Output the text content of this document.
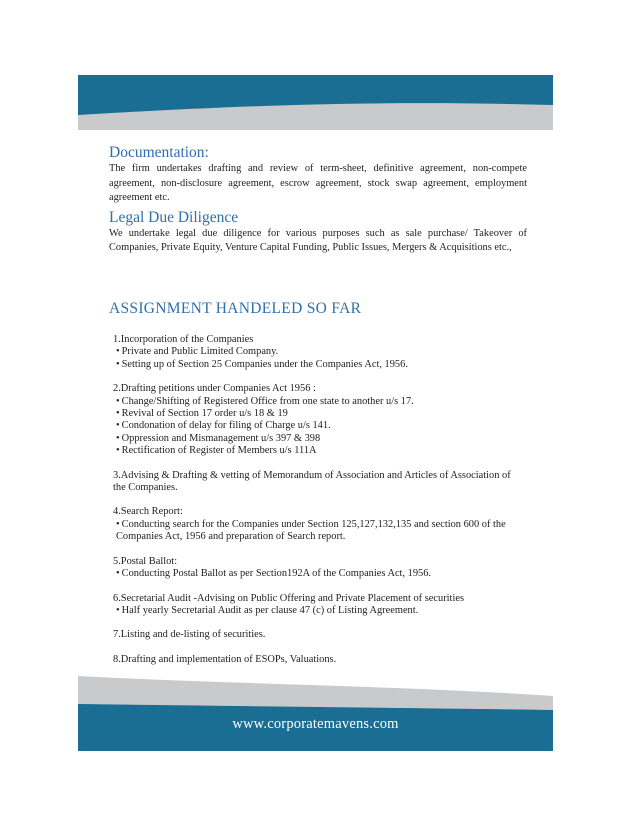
Documentation:

The firm undertakes drafting and review of term-sheet, definitive agreement, non-compete agreement, non-disclosure agreement, escrow agreement, stock swap agreement, employment agreement etc.

Legal Due Diligence

We undertake legal due diligence for various purposes such as sale purchase/ Takeover of Companies, Private Equity, Venture Capital Funding, Public Issues, Mergers & Acquisitions etc.,

ASSIGNMENT HANDELED SO FAR
1.Incorporation of the Companies
• Private and Public Limited Company.
• Setting up of Section 25 Companies under the Companies Act, 1956.
2.Drafting petitions under Companies Act 1956 :
• Change/Shifting of Registered Office from one state to another u/s 17.
• Revival of Section 17 order u/s 18 & 19
• Condonation of delay for filing of Charge u/s 141.
• Oppression and Mismanagement u/s 397 & 398
• Rectification of Register of Members u/s 111A
3.Advising & Drafting & vetting of Memorandum of Association and Articles of Association of the Companies.
4.Search Report:
• Conducting search for the Companies under Section 125,127,132,135 and section 600 of the Companies Act, 1956 and preparation of Search report.
5.Postal Ballot:
• Conducting Postal Ballot as per Section192A of the Companies Act, 1956.
6.Secretarial Audit -Advising on Public Offering and Private Placement of securities
• Half yearly Secretarial Audit as per clause 47 (c) of Listing Agreement.
7.Listing and de-listing of securities.
8.Drafting and implementation of ESOPs, Valuations.
www.corporatemavens.com
